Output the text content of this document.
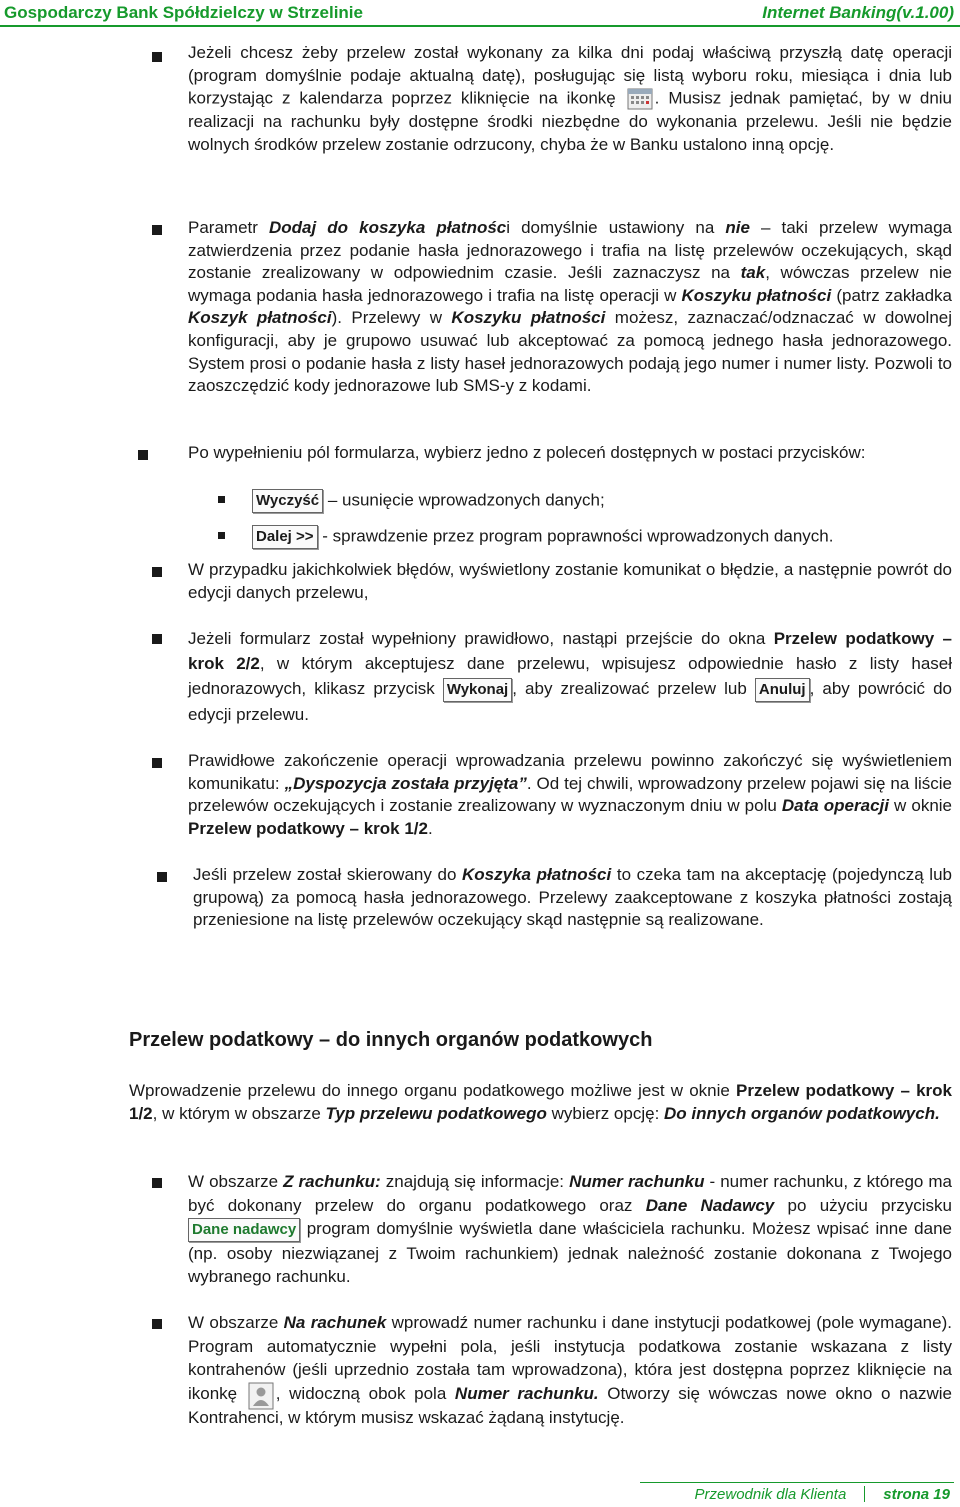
Gospodarczy Bank Spółdzielczy w Strzelinie	Internet Banking(v.1.00)
Jeżeli chcesz żeby przelew został wykonany za kilka dni podaj właściwą przyszłą datę operacji (program domyślnie podaje aktualną datę), posługując się listą wyboru roku, miesiąca i dnia lub korzystając z kalendarza poprzez kliknięcie na ikonkę . Musisz jednak pamiętać, by w dniu realizacji na rachunku były dostępne środki niezbędne do wykonania przelewu. Jeśli nie będzie wolnych środków przelew zostanie odrzucony, chyba że w Banku ustalono inną opcję.
Parametr Dodaj do koszyka płatności domyślnie ustawiony na nie – taki przelew wymaga zatwierdzenia przez podanie hasła jednorazowego i trafia na listę przelewów oczekujących, skąd zostanie zrealizowany w odpowiednim czasie. Jeśli zaznaczysz na tak, wówczas przelew nie wymaga podania hasła jednorazowego i trafia na listę operacji w Koszyku płatności (patrz zakładka Koszyk płatności). Przelewy w Koszyku płatności możesz, zaznaczać/odznaczać w dowolnej konfiguracji, aby je grupowo usuwać lub akceptować za pomocą jednego hasła jednorazowego. System prosi o podanie hasła z listy haseł jednorazowych podają jego numer i numer listy. Pozwoli to zaoszczędzić kody jednorazowe lub SMS-y z kodami.

Po wypełnieniu pól formularza, wybierz jedno z poleceń dostępnych w postaci przycisków:

Wyczyść – usunięcie wprowadzonych danych;
Dalej >> - sprawdzenie przez program poprawności wprowadzonych danych.

W przypadku jakichkolwiek błędów, wyświetlony zostanie komunikat o błędzie, a następnie powrót do edycji danych przelewu,

Jeżeli formularz został wypełniony prawidłowo, nastąpi przejście do okna Przelew podatkowy – krok 2/2, w którym akceptujesz dane przelewu, wpisujesz odpowiednie hasło z listy haseł jednorazowych, klikasz przycisk Wykonaj , aby zrealizować przelew lub Anuluj , aby powrócić do edycji przelewu.
Prawidłowe zakończenie operacji wprowadzania przelewu powinno zakończyć się wyświetleniem komunikatu: „Dyspozycja została przyjęta”. Od tej chwili, wprowadzony przelew pojawi się na liście przelewów oczekujących i zostanie zrealizowany w wyznaczonym dniu w polu Data operacji w oknie Przelew podatkowy – krok 1/2.
Jeśli przelew został skierowany do Koszyka płatności to czeka tam na akceptację (pojedynczą lub grupową) za pomocą hasła jednorazowego. Przelewy zaakceptowane z koszyka płatności zostają przeniesione na listę przelewów oczekujący skąd następnie są realizowane.
Przelew podatkowy – do innych organów podatkowych
Wprowadzenie przelewu do innego organu podatkowego możliwe jest w oknie Przelew podatkowy – krok 1/2, w którym w obszarze Typ przelewu podatkowego wybierz opcję: Do innych organów podatkowych.
W obszarze Z rachunku: znajdują się informacje: Numer rachunku - numer rachunku, z którego ma być dokonany przelew do organu podatkowego oraz Dane Nadawcy po użyciu przycisku Dane nadawcy program domyślnie wyświetla dane właściciela rachunku. Możesz wpisać inne dane (np. osoby niezwiązanej z Twoim rachunkiem) jednak należność zostanie dokonana z Twojego wybranego rachunku.
W obszarze Na rachunek wprowadź numer rachunku i dane instytucji podatkowej (pole wymagane). Program automatycznie wypełni pola, jeśli instytucja podatkowa zostanie wskazana z listy kontrahenów (jeśli uprzednio została tam wprowadzona), która jest dostępna poprzez kliknięcie na ikonkę , widoczną obok pola Numer rachunku. Otworzy się wówczas nowe okno o nazwie Kontrahenci, w którym musisz wskazać żądaną instytucję.
Przewodnik dla Klienta strona 19
